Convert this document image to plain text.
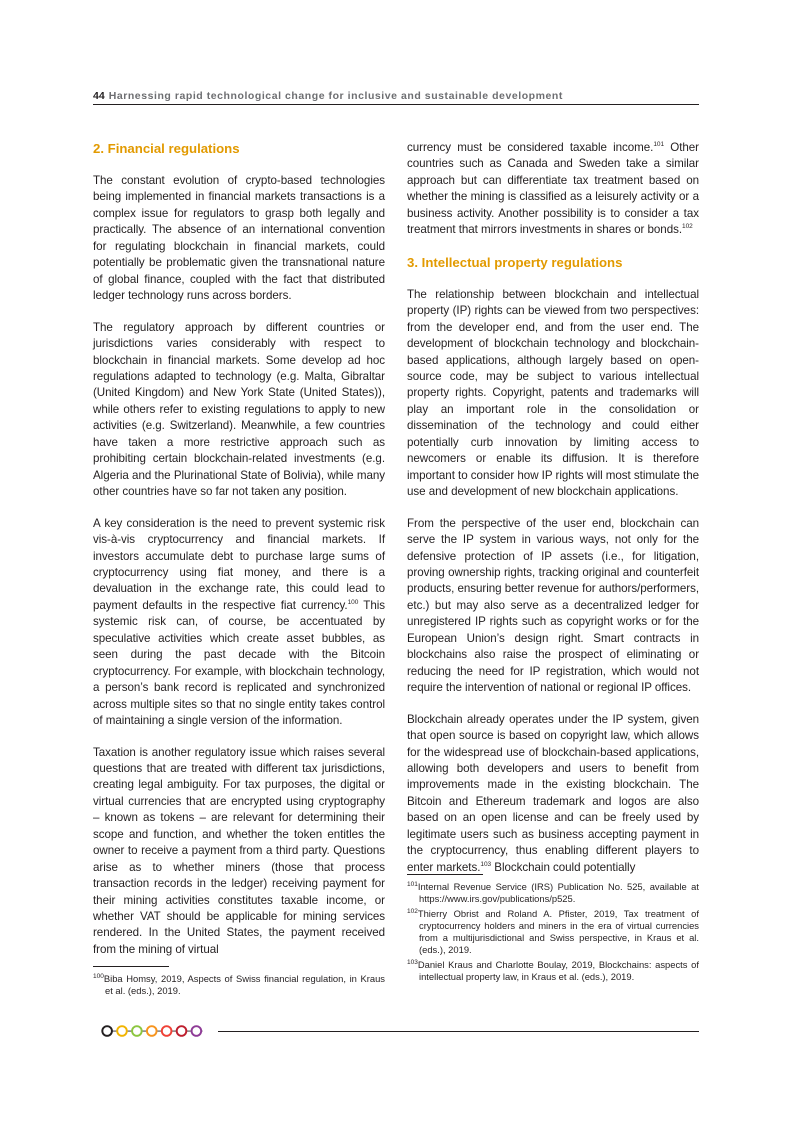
44 Harnessing rapid technological change for inclusive and sustainable development
2. Financial regulations

The constant evolution of crypto-based technologies being implemented in financial markets transactions is a complex issue for regulators to grasp both legally and practically. The absence of an international convention for regulating blockchain in financial markets, could potentially be problematic given the transnational nature of global finance, coupled with the fact that distributed ledger technology runs across borders.

The regulatory approach by different countries or jurisdictions varies considerably with respect to blockchain in financial markets. Some develop ad hoc regulations adapted to technology (e.g. Malta, Gibraltar (United Kingdom) and New York State (United States)), while others refer to existing regulations to apply to new activities (e.g. Switzerland). Meanwhile, a few countries have taken a more restrictive approach such as prohibiting certain blockchain-related investments (e.g. Algeria and the Plurinational State of Bolivia), while many other countries have so far not taken any position.

A key consideration is the need to prevent systemic risk vis-à-vis cryptocurrency and financial markets. If investors accumulate debt to purchase large sums of cryptocurrency using fiat money, and there is a devaluation in the exchange rate, this could lead to payment defaults in the respective fiat currency.$^{100}$ This systemic risk can, of course, be accentuated by speculative activities which create asset bubbles, as seen during the past decade with the Bitcoin cryptocurrency. For example, with blockchain technology, a person’s bank record is replicated and synchronized across multiple sites so that no single entity takes control of maintaining a single version of the information.

Taxation is another regulatory issue which raises several questions that are treated with different tax jurisdictions, creating legal ambiguity. For tax purposes, the digital or virtual currencies that are encrypted using cryptography – known as tokens – are relevant for determining their scope and function, and whether the token entitles the owner to receive a payment from a third party. Questions arise as to whether miners (those that process transaction records in the ledger) receiving payment for their mining activities constitutes taxable income, or whether VAT should be applicable for mining services rendered. In the United States, the payment received from the mining of virtual

currency must be considered taxable income.$^{101}$ Other countries such as Canada and Sweden take a similar approach but can differentiate tax treatment based on whether the mining is classified as a leisurely activity or a business activity. Another possibility is to consider a tax treatment that mirrors investments in shares or bonds.$^{102}$

3. Intellectual property regulations

The relationship between blockchain and intellectual property (IP) rights can be viewed from two perspectives: from the developer end, and from the user end. The development of blockchain technology and blockchain-based applications, although largely based on open-source code, may be subject to various intellectual property rights. Copyright, patents and trademarks will play an important role in the consolidation or dissemination of the technology and could either potentially curb innovation by limiting access to newcomers or enable its diffusion. It is therefore important to consider how IP rights will most stimulate the use and development of new blockchain applications.

From the perspective of the user end, blockchain can serve the IP system in various ways, not only for the defensive protection of IP assets (i.e., for litigation, proving ownership rights, tracking original and counterfeit products, ensuring better revenue for authors/performers, etc.) but may also serve as a decentralized ledger for unregistered IP rights such as copyright works or for the European Union’s design right. Smart contracts in blockchains also raise the prospect of eliminating or reducing the need for IP registration, which would not require the intervention of national or regional IP offices.

Blockchain already operates under the IP system, given that open source is based on copyright law, which allows for the widespread use of blockchain-based applications, allowing both developers and users to benefit from improvements made in the existing blockchain. The Bitcoin and Ethereum trademark and logos are also based on an open license and can be freely used by legitimate users such as business accepting payment in the cryptocurrency, thus enabling different players to enter markets.$^{103}$ Blockchain could potentially

$^{100}$Biba Homsy, 2019, Aspects of Swiss financial regulation, in Kraus et al. (eds.), 2019.

$^{101}$Internal Revenue Service (IRS) Publication No. 525, available at https://www.irs.gov/publications/p525.

$^{102}$Thierry Obrist and Roland A. Pfister, 2019, Tax treatment of cryptocurrency holders and miners in the era of virtual currencies from a multijurisdictional and Swiss perspective, in Kraus et al. (eds.), 2019.

$^{103}$Daniel Kraus and Charlotte Boulay, 2019, Blockchains: aspects of intellectual property law, in Kraus et al. (eds.), 2019.
